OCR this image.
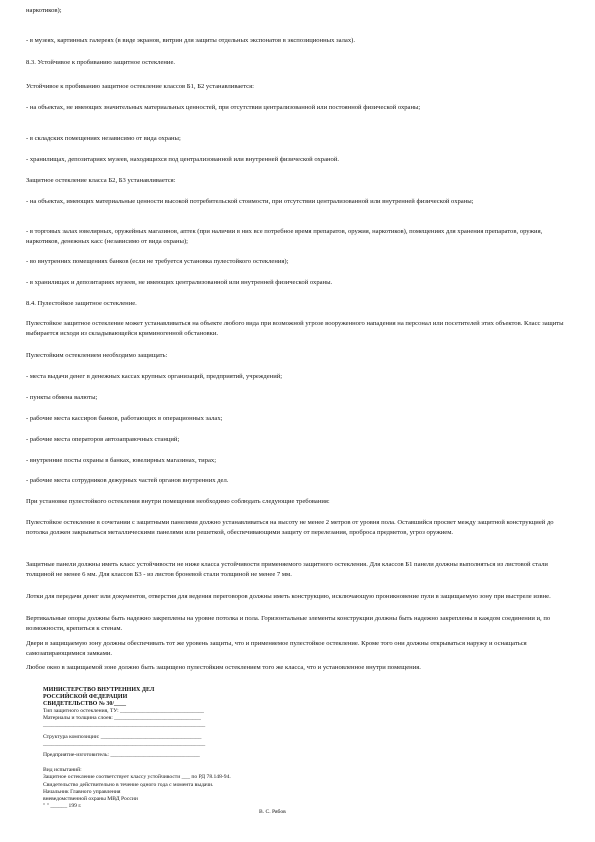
наркотиков);

- в музеях, картинных галереях (в виде экранов, витрин для защиты отдельных экспонатов в экспозиционных залах).

8.3. Устойчивое к пробиванию защитное остекление.

Устойчивое к пробиванию защитное остекление классов Б1, Б2 устанавливается:

- на объектах, не имеющих значительных материальных ценностей, при отсутствии централизованной или постоянной физической охраны;

- в складских помещениях независимо от вида охраны;

- хранилищах, депозитариях музеев, находящихся под централизованной или внутренней физической охраной.

Защитное остекление класса Б2, Б3 устанавливается:

- на объектах, имеющих материальные ценности высокой потребительской стоимости, при отсутствии централизованной или внутренней физической охраны;

- в торговых залах ювелирных, оружейных магазинов, аптек (при наличии в них все потребное время препаратов, оружия, наркотиков), помещениях для хранения препаратов, оружия, наркотиков, денежных касс (независимо от вида охраны);

- во внутренних помещениях банков (если не требуется установка пулестойкого остекления);

- в хранилищах и депозитариях музеев, не имеющих централизованной или внутренней физической охраны.

8.4. Пулестойкое защитное остекление.

Пулестойкое защитное остекление может устанавливаться на объекте любого вида при возможной угрозе вооруженного нападения на персонал или посетителей этих объектов. Класс защиты выбирается исходя из складывающейся криминогенной обстановки.

Пулестойким остеклением необходимо защищать:

- места выдачи денег в денежных кассах крупных организаций, предприятий, учреждений;

- пункты обмена валюты;

- рабочие места кассиров банков, работающих в операционных залах;

- рабочие места операторов автозаправочных станций;

- внутренние посты охраны в банках, ювелирных магазинах, тирах;

- рабочие места сотрудников дежурных частей органов внутренних дел.

При установке пулестойкого остекления внутри помещения необходимо соблюдать следующие требования:

Пулестойкое остекление в сочетании с защитными панелями должно устанавливаться на высоту не менее 2 метров от уровня пола. Оставшийся просвет между защитной конструкцией до потолка должен закрываться металлическими панелями или решеткой, обеспечивающими защиту от перелезания, проброса предметов, угроз оружием.

Защитные панели должны иметь класс устойчивости не ниже класса устойчивости применяемого защитного остекления. Для классов Б1 панели должны выполняться из листовой стали толщиной не менее 6 мм. Для классов Б3 - из листов броневой стали толщиной не менее 7 мм.

Лотки для передачи денег или документов, отверстия для ведения переговоров должны иметь конструкцию, исключающую проникновение пули в защищаемую зону при выстреле извне.

Вертикальные опоры должны быть надежно закреплены на уровне потолка и пола. Горизонтальные элементы конструкции должны быть надежно закреплены в каждом соединении и, по возможности, крепиться к стенам.

Двери в защищаемую зону должны обеспечивать тот же уровень защиты, что и применяемое пулестойкое остекление. Кроме того они должны открываться наружу и оснащаться самозапирающимися замками.

Любое окно в защищаемой зоне должно быть защищено пулестойким остеклением того же класса, что и установленное внутри помещения.

МИНИСТЕРСТВО ВНУТРЕННИХ ДЕЛ
РОССИЙСКОЙ ФЕДЕРАЦИИ
СВИДЕТЕЛЬСТВО № 30/____
Тип защитного остекления, ТУ: ______________________________
Материалы и толщина слоев: _______________________________
__________________________________________________________
Структура композиции: ____________________________________
__________________________________________________________
Предприятие-изготовитель: ________________________________
Вид испытаний:
Защитное остекление соответствует классу устойчивости ___ по РД 78.148-94.
Свидетельство действительно в течение одного года с момента выдачи.
Начальник Главного управления
вневедомственной охраны МВД России
" " ______ 199 г.
В. С. Рябов
